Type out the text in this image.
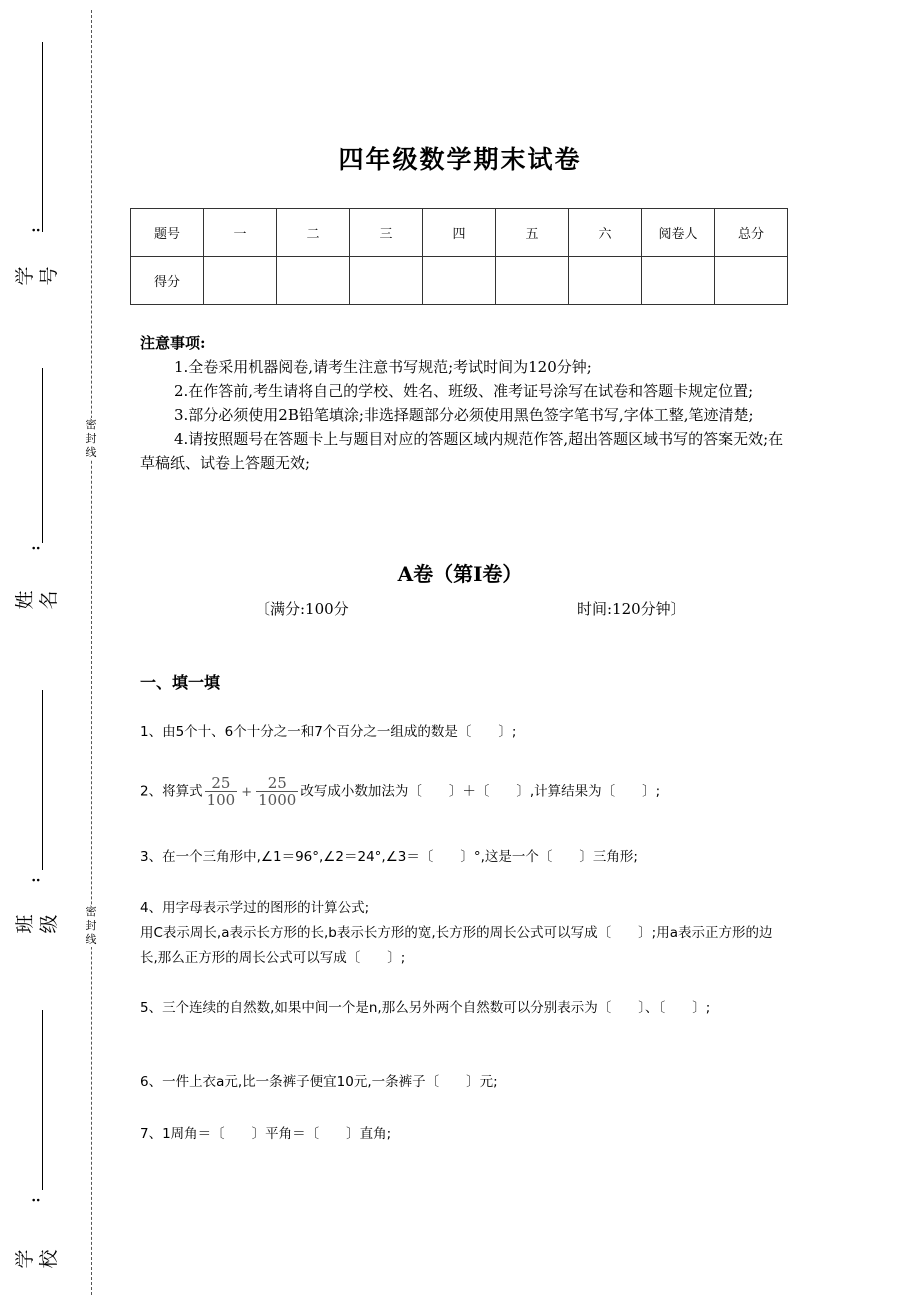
:
学号
:
姓名
:
班级
:
学校
密
封
线
密
封
线
四年级数学期末试卷
题号	一	二	三	四	五	六	阅卷人	总分
得分								
注意事项:

1.全卷采用机器阅卷,请考生注意书写规范;考试时间为120分钟;

2.在作答前,考生请将自己的学校、姓名、班级、准考证号涂写在试卷和答题卡规定位置;

3.部分必须使用2B铅笔填涂;非选择题部分必须使用黑色签字笔书写,字体工整,笔迹清楚;

4.请按照题号在答题卡上与题目对应的答题区域内规范作答,超出答题区域书写的答案无效;在草稿纸、试卷上答题无效;

A卷（第I卷）
〔满分:100分	时间:120分钟〕
一、填一填
1、由5个十、6个十分之一和7个百分之一组成的数是〔　　〕;
2、将算式 $\frac{25}{100} + \frac{25}{1000}$ 改写成小数加法为〔　　〕＋〔　　〕,计算结果为〔　　〕;
3、在一个三角形中,∠1＝96°,∠2＝24°,∠3＝〔　　〕°,这是一个〔　　〕三角形;
4、用字母表示学过的图形的计算公式;
用C表示周长,a表示长方形的长,b表示长方形的宽,长方形的周长公式可以写成〔　　〕;用a表示正方形的边长,那么正方形的周长公式可以写成〔　　〕;
5、三个连续的自然数,如果中间一个是n,那么另外两个自然数可以分别表示为〔　　〕、〔　　〕;
6、一件上衣a元,比一条裤子便宜10元,一条裤子〔　　〕元;
7、1周角＝〔　　〕平角＝〔　　〕直角;
